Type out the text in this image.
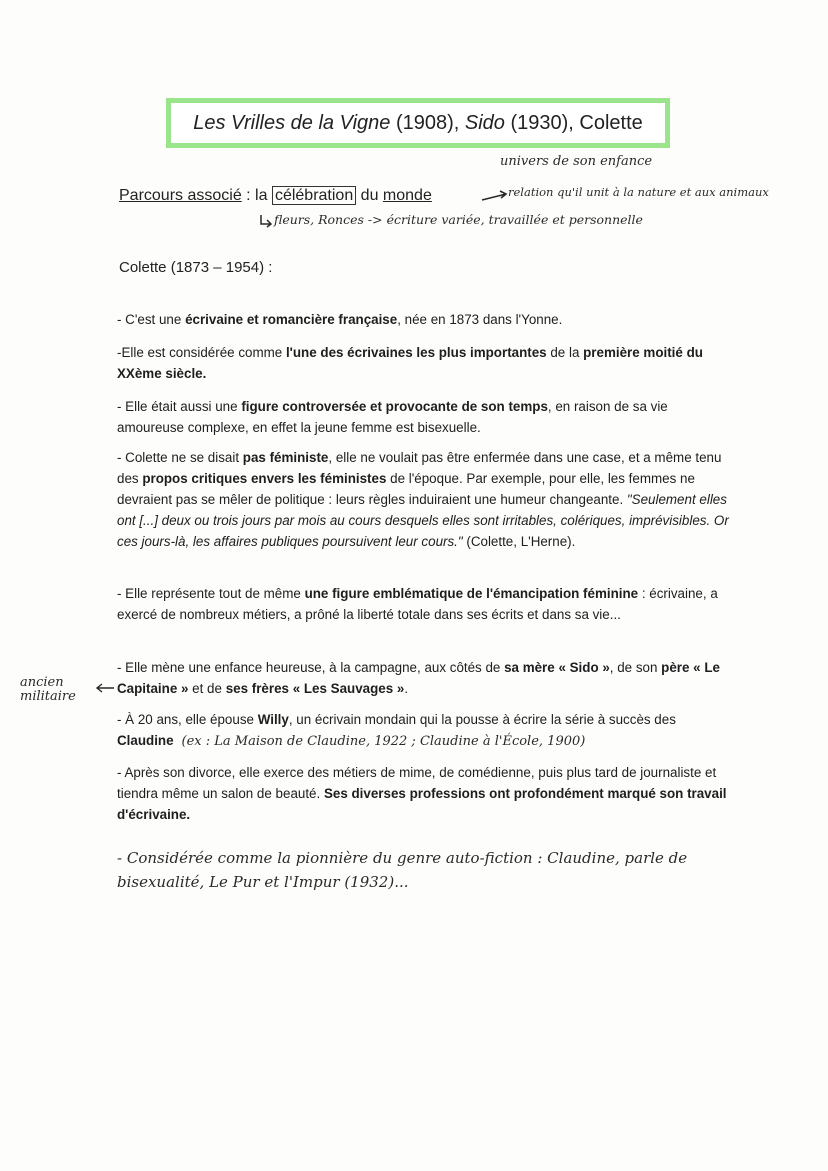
Les Vrilles de la Vigne (1908), Sido (1930), Colette
univers de son enfance
Parcours associé : la célébration du monde	relation qu'il unit à la nature et aux animaux
fleurs, Ronces -> écriture variée, travaillée et personnelle
Colette (1873 – 1954) :
- C'est une écrivaine et romancière française, née en 1873 dans l'Yonne.
-Elle est considérée comme l'une des écrivaines les plus importantes de la première moitié du XXème siècle.
- Elle était aussi une figure controversée et provocante de son temps, en raison de sa vie amoureuse complexe, en effet la jeune femme est bisexuelle.
- Colette ne se disait pas féministe, elle ne voulait pas être enfermée dans une case, et a même tenu des propos critiques envers les féministes de l'époque. Par exemple, pour elle, les femmes ne devraient pas se mêler de politique : leurs règles induiraient une humeur changeante. "Seulement elles ont [...] deux ou trois jours par mois au cours desquels elles sont irritables, colériques, imprévisibles. Or ces jours-là, les affaires publiques poursuivent leur cours." (Colette, L'Herne).
- Elle représente tout de même une figure emblématique de l'émancipation féminine : écrivaine, a exercé de nombreux métiers, a prôné la liberté totale dans ses écrits et dans sa vie...
- Elle mène une enfance heureuse, à la campagne, aux côtés de sa mère « Sido », de son père « Le Capitaine » et de ses frères « Les Sauvages ».
ancien
militaire
- À 20 ans, elle épouse Willy, un écrivain mondain qui la pousse à écrire la série à succès des Claudine (ex : La Maison de Claudine, 1922 ; Claudine à l'École, 1900)
- Après son divorce, elle exerce des métiers de mime, de comédienne, puis plus tard de journaliste et tiendra même un salon de beauté. Ses diverses professions ont profondément marqué son travail d'écrivaine.
- Considérée comme la pionnière du genre auto-fiction : Claudine, parle de
bisexualité, Le Pur et l'Impur (1932)...
